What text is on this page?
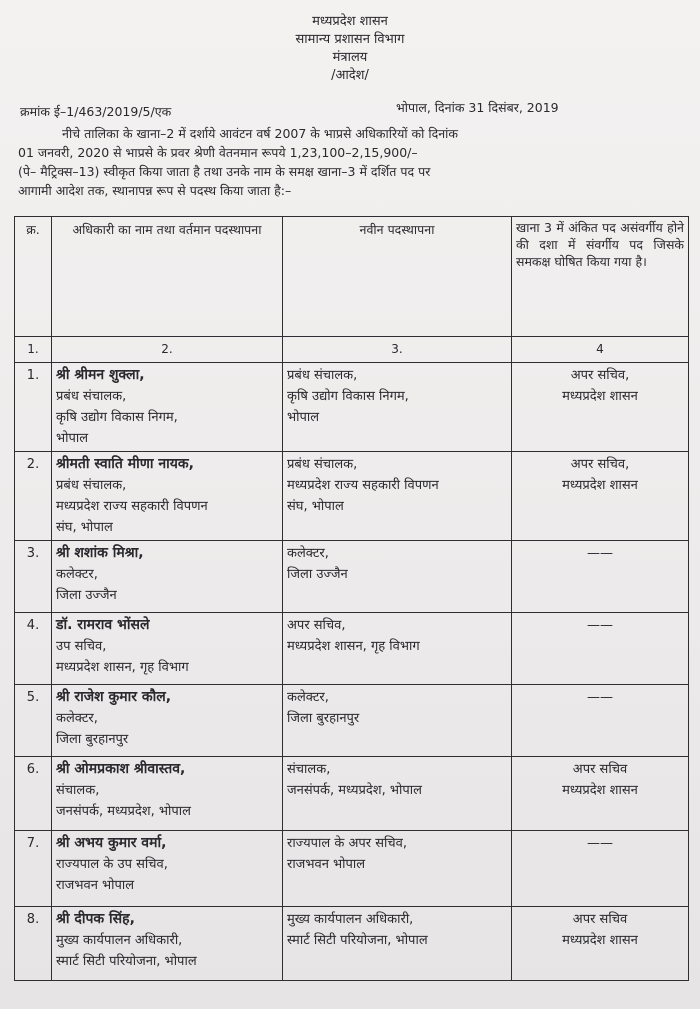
मध्यप्रदेश शासन
सामान्य प्रशासन विभाग
मंत्रालय
/आदेश/
क्रमांक ई–1/463/2019/5/एक	भोपाल, दिनांक 31 दिसंबर, 2019
नीचे तालिका के खाना–2 में दर्शाये आवंटन वर्ष 2007 के भाप्रसे अधिकारियों को दिनांक
01 जनवरी, 2020 से भाप्रसे के प्रवर श्रेणी वेतनमान रूपये 1,23,100–2,15,900/–
(पे– मैट्रिक्स–13) स्वीकृत किया जाता है तथा उनके नाम के समक्ष खाना–3 में दर्शित पद पर
आगामी आदेश तक, स्थानापन्न रूप से पदस्थ किया जाता है:–
क्र.	अधिकारी का नाम तथा वर्तमान पदस्थापना	नवीन पदस्थापना	खाना 3 में अंकित पद असंवर्गीय होने की दशा में संवर्गीय पद जिसके समकक्ष घोषित किया गया है।
1.	2.	3.	4
1.	श्री श्रीमन शुक्ला,
प्रबंध संचालक,
कृषि उद्योग विकास निगम,
भोपाल	प्रबंध संचालक,
कृषि उद्योग विकास निगम,
भोपाल	अपर सचिव,
मध्यप्रदेश शासन

2.	श्रीमती स्वाति मीणा नायक,
प्रबंध संचालक,
मध्यप्रदेश राज्य सहकारी विपणन
संघ, भोपाल	प्रबंध संचालक,
मध्यप्रदेश राज्य सहकारी विपणन
संघ, भोपाल	अपर सचिव,
मध्यप्रदेश शासन

3.	श्री शशांक मिश्रा,
कलेक्टर,
जिला उज्जैन	कलेक्टर,
जिला उज्जैन	——

4.	डॉ. रामराव भोंसले
उप सचिव,
मध्यप्रदेश शासन, गृह विभाग	अपर सचिव,
मध्यप्रदेश शासन, गृह विभाग	——

5.	श्री राजेश कुमार कौल,
कलेक्टर,
जिला बुरहानपुर	कलेक्टर,
जिला बुरहानपुर	——

6.	श्री ओमप्रकाश श्रीवास्तव,
संचालक,
जनसंपर्क, मध्यप्रदेश, भोपाल	संचालक,
जनसंपर्क, मध्यप्रदेश, भोपाल	अपर सचिव
मध्यप्रदेश शासन

7.	श्री अभय कुमार वर्मा,
राज्यपाल के उप सचिव,
राजभवन भोपाल	राज्यपाल के अपर सचिव,
राजभवन भोपाल	——

8.	श्री दीपक सिंह,
मुख्य कार्यपालन अधिकारी,
स्मार्ट सिटी परियोजना, भोपाल	मुख्य कार्यपालन अधिकारी,
स्मार्ट सिटी परियोजना, भोपाल	अपर सचिव
मध्यप्रदेश शासन
